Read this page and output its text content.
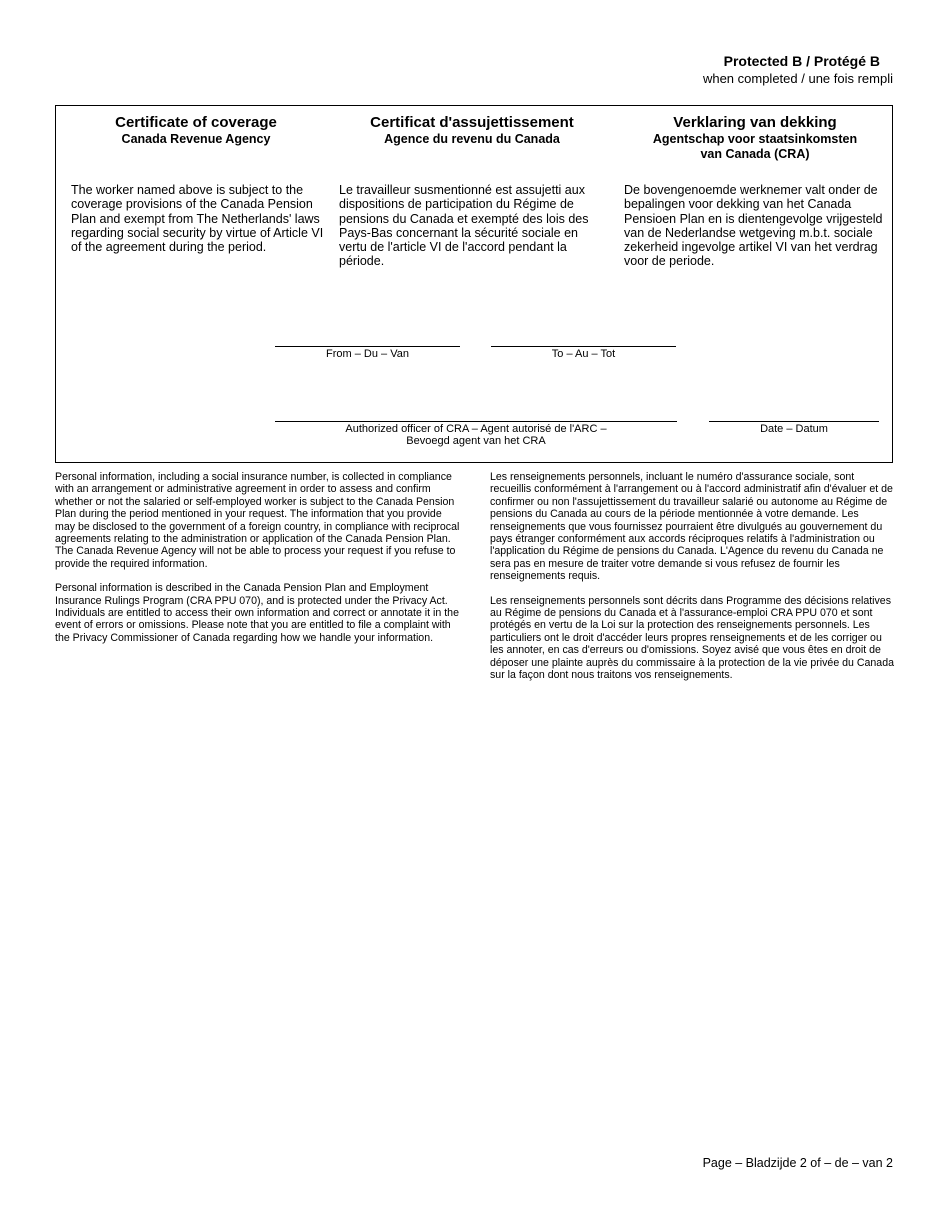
Protected B / Protégé B
when completed / une fois rempli
Certificate of coverage
Canada Revenue Agency
Certificat d'assujettissement
Agence du revenu du Canada
Verklaring van dekking
Agentschap voor staatsinkomsten
van Canada (CRA)
The worker named above is subject to the coverage provisions of the Canada Pension Plan and exempt from The Netherlands' laws regarding social security by virtue of Article VI of the agreement during the period.
Le travailleur susmentionné est assujetti aux dispositions de participation du Régime de pensions du Canada et exempté des lois des Pays-Bas concernant la sécurité sociale en vertu de l'article VI de l'accord pendant la période.
De bovengenoemde werknemer valt onder de bepalingen voor dekking van het Canada Pensioen Plan en is dientengevolge vrijgesteld van de Nederlandse wetgeving m.b.t. sociale zekerheid ingevolge artikel VI van het verdrag voor de periode.
From – Du – Van	To – Au – Tot
Authorized officer of CRA – Agent autorisé de l'ARC –
Bevoegd agent van het CRA
Date – Datum

Personal information, including a social insurance number, is collected in compliance with an arrangement or administrative agreement in order to assess and confirm whether or not the salaried or self-employed worker is subject to the Canada Pension Plan during the period mentioned in your request. The information that you provide may be disclosed to the government of a foreign country, in compliance with reciprocal agreements relating to the administration or application of the Canada Pension Plan. The Canada Revenue Agency will not be able to process your request if you refuse to provide the required information.

Personal information is described in the Canada Pension Plan and Employment Insurance Rulings Program (CRA PPU 070), and is protected under the Privacy Act. Individuals are entitled to access their own information and correct or annotate it in the event of errors or omissions. Please note that you are entitled to file a complaint with the Privacy Commissioner of Canada regarding how we handle your information.

Les renseignements personnels, incluant le numéro d'assurance sociale, sont recueillis conformément à l'arrangement ou à l'accord administratif afin d'évaluer et de confirmer ou non l'assujettissement du travailleur salarié ou autonome au Régime de pensions du Canada au cours de la période mentionnée à votre demande. Les renseignements que vous fournissez pourraient être divulgués au gouvernement du pays étranger conformément aux accords réciproques relatifs à l'administration ou l'application du Régime de pensions du Canada. L'Agence du revenu du Canada ne sera pas en mesure de traiter votre demande si vous refusez de fournir les renseignements requis.

Les renseignements personnels sont décrits dans Programme des décisions relatives au Régime de pensions du Canada et à l'assurance-emploi CRA PPU 070 et sont protégés en vertu de la Loi sur la protection des renseignements personnels. Les particuliers ont le droit d'accéder leurs propres renseignements et de les corriger ou les annoter, en cas d'erreurs ou d'omissions. Soyez avisé que vous êtes en droit de déposer une plainte auprès du commissaire à la protection de la vie privée du Canada sur la façon dont nous traitons vos renseignements.

Page – Bladzijde 2 of – de – van 2
